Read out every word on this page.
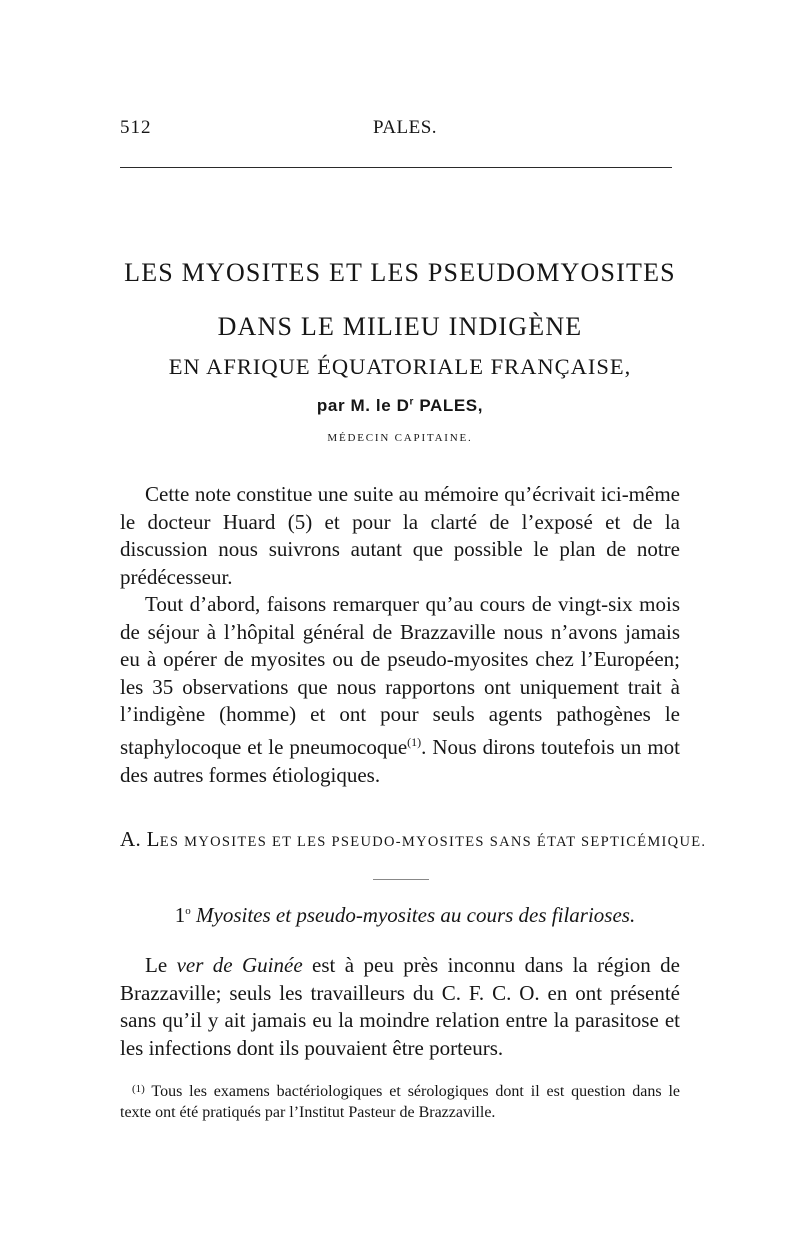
512	PALES.
LES MYOSITES ET LES PSEUDOMYOSITES
DANS LE MILIEU INDIGÈNE
EN AFRIQUE ÉQUATORIALE FRANÇAISE,
par M. le $D^r$ PALES,
MÉDECIN CAPITAINE.

Cette note constitue une suite au mémoire qu’écrivait ici-même le docteur Huard (5) et pour la clarté de l’exposé et de la discussion nous suivrons autant que possible le plan de notre prédécesseur.

Tout d’abord, faisons remarquer qu’au cours de vingt-six mois de séjour à l’hôpital général de Brazzaville nous n’avons jamais eu à opérer de myosites ou de pseudo-myosites chez l’Européen; les 35 observations que nous rapportons ont uniquement trait à l’indigène (homme) et ont pour seuls agents pathogènes le staphylocoque et le pneumocoque$^{(1)}$. Nous dirons toutefois un mot des autres formes étiologiques.

A. LES MYOSITES ET LES PSEUDO-MYOSITES SANS ÉTAT SEPTICÉMIQUE.
1$^o$ Myosites et pseudo-myosites au cours des filarioses.

Le ver de Guinée est à peu près inconnu dans la région de Brazzaville; seuls les travailleurs du C. F. C. O. en ont présenté sans qu’il y ait jamais eu la moindre relation entre la parasitose et les infections dont ils pouvaient être porteurs.

$^{(1)}$ Tous les examens bactériologiques et sérologiques dont il est question dans le texte ont été pratiqués par l’Institut Pasteur de Brazzaville.
